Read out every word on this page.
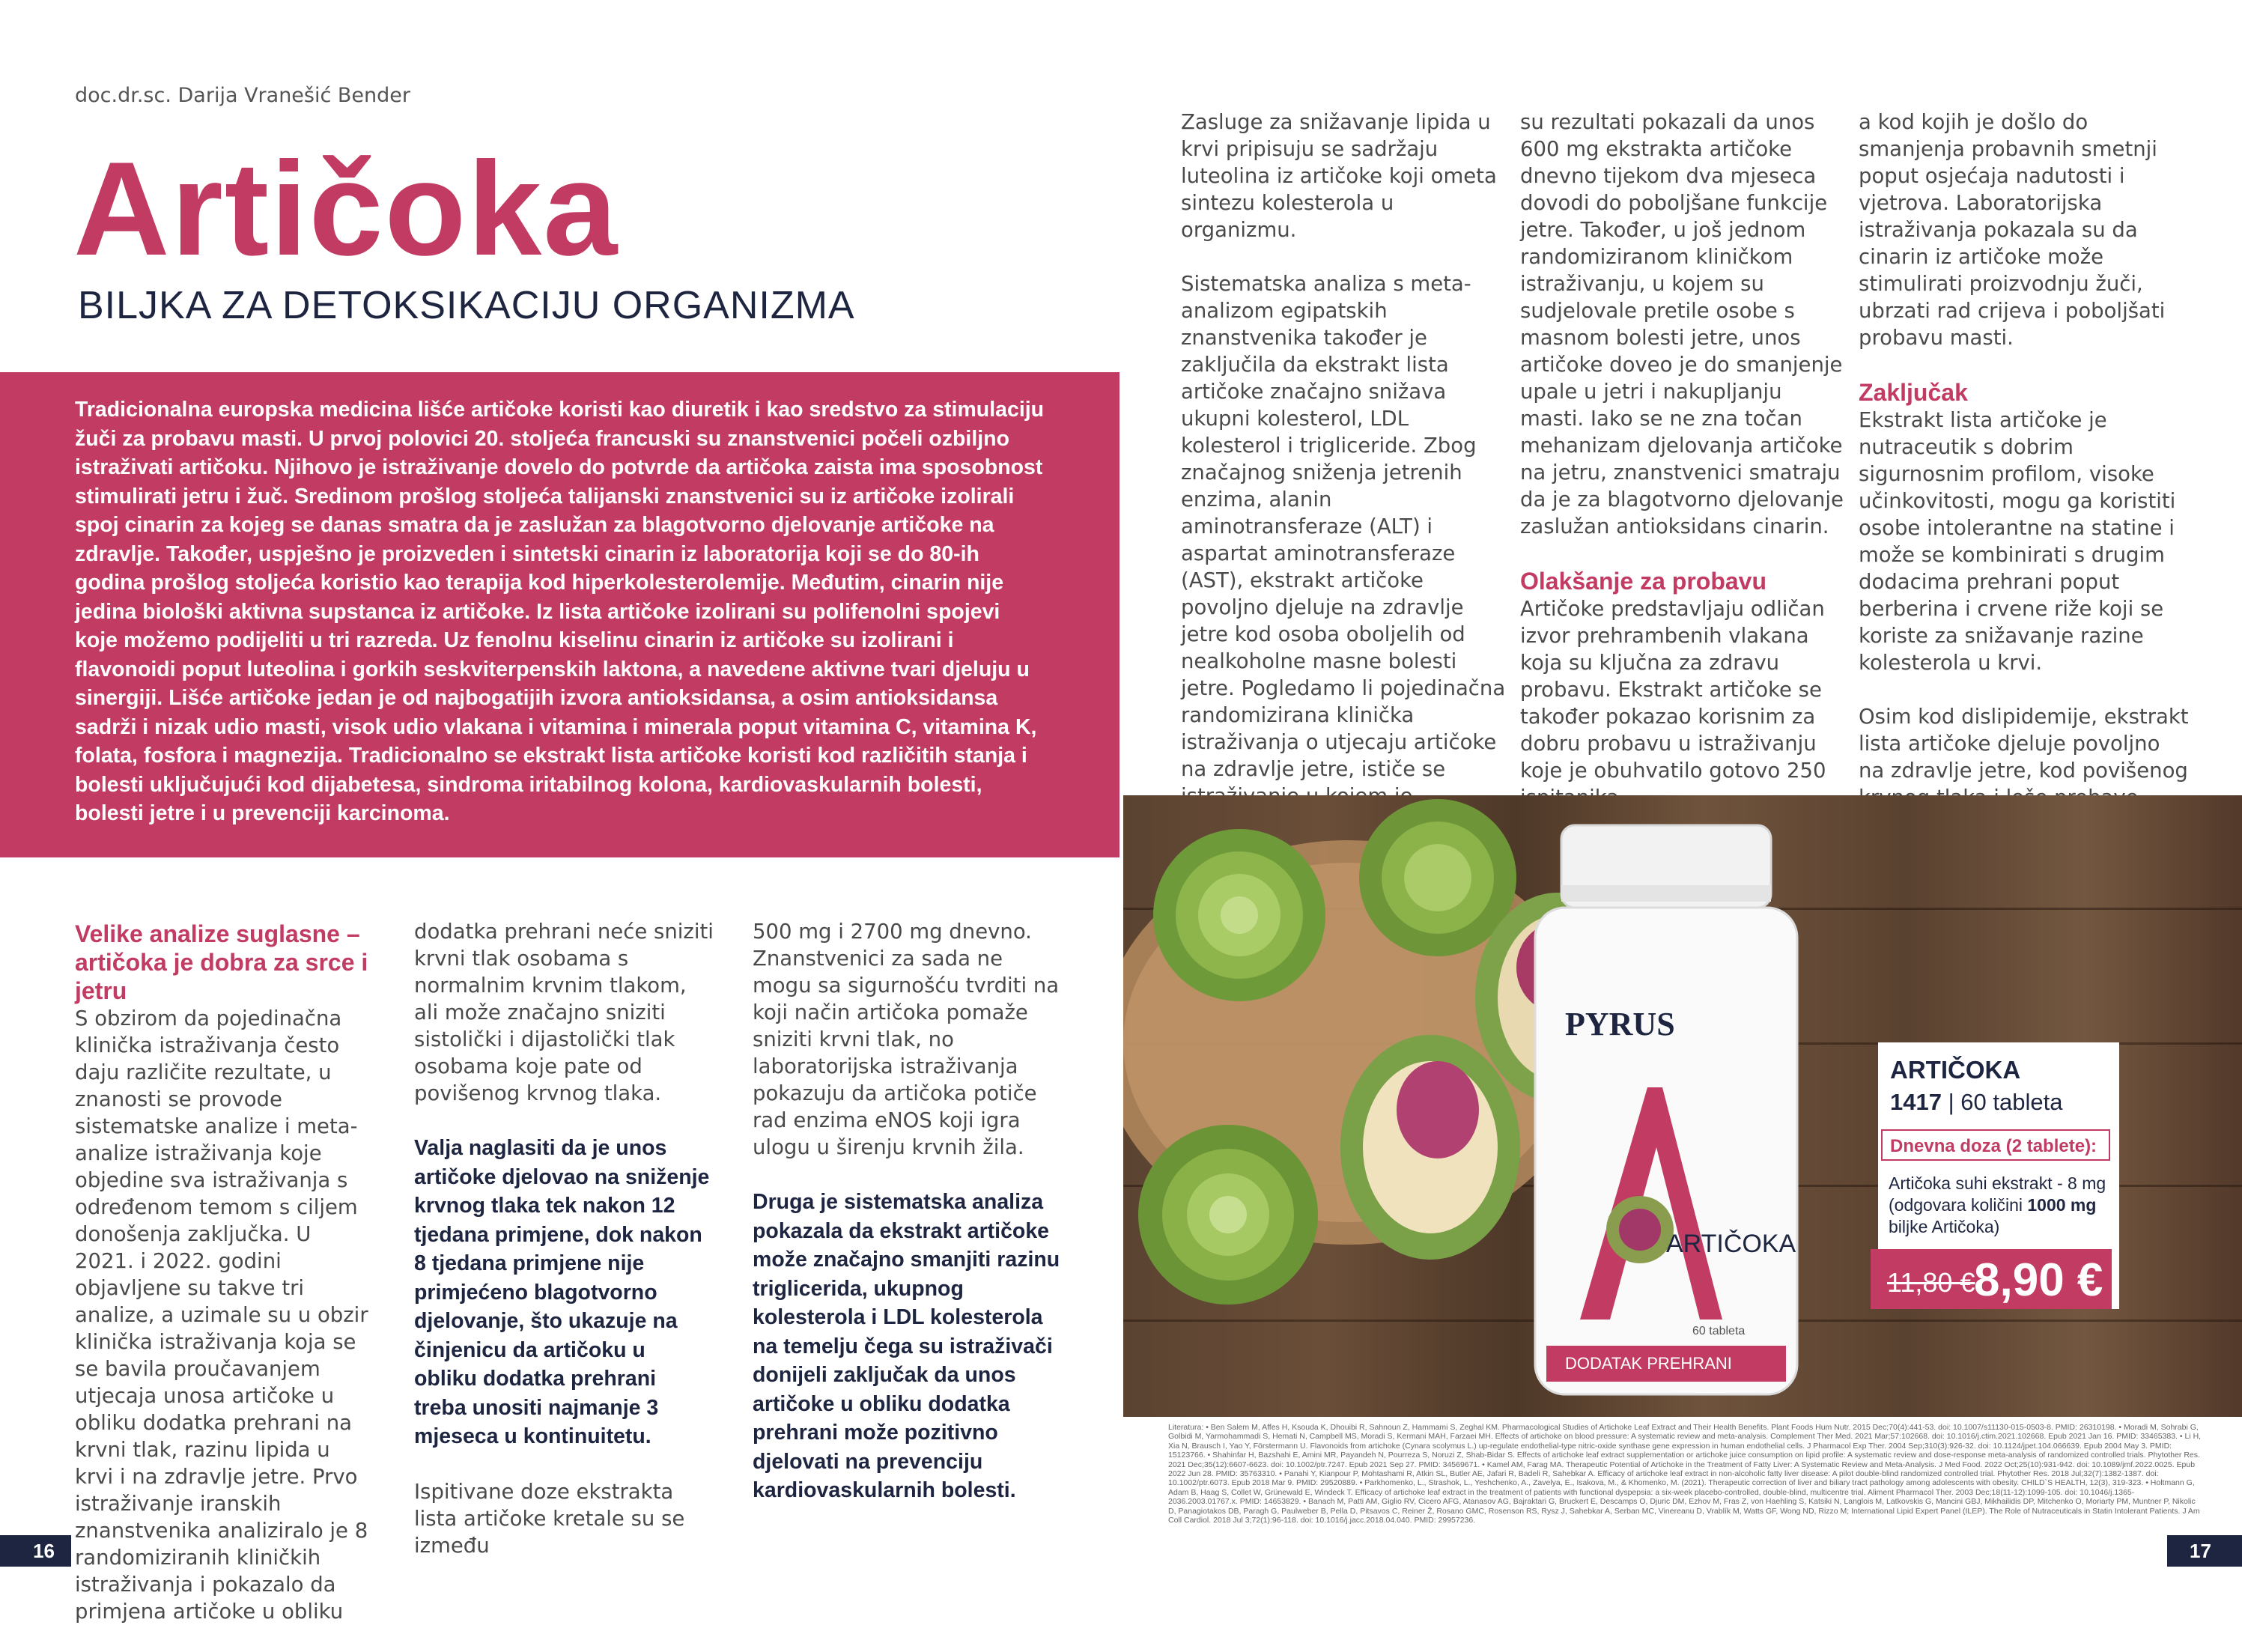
doc.dr.sc. Darija Vranešić Bender
Artičoka
BILJKA ZA DETOKSIKACIJU ORGANIZMA
Tradicionalna europska medicina lišće artičoke koristi kao diuretik i kao sredstvo za stimulaciju žuči za probavu masti. U prvoj polovici 20. stoljeća francuski su znanstvenici počeli ozbiljno istraživati artičoku. Njihovo je istraživanje dovelo do potvrde da artičoka zaista ima sposobnost stimulirati jetru i žuč. Sredinom prošlog stoljeća talijanski znanstvenici su iz artičoke izolirali spoj cinarin za kojeg se danas smatra da je zaslužan za blagotvorno djelovanje artičoke na zdravlje. Također, uspješno je proizveden i sintetski cinarin iz laboratorija koji se do 80-ih godina prošlog stoljeća koristio kao terapija kod hiperkolesterolemije. Međutim, cinarin nije jedina biološki aktivna supstanca iz artičoke. Iz lista artičoke izolirani su polifenolni spojevi koje možemo podijeliti u tri razreda. Uz fenolnu kiselinu cinarin iz artičoke su izolirani i flavonoidi poput luteolina i gorkih seskviterpenskih laktona, a navedene aktivne tvari djeluju u sinergiji. Lišće artičoke jedan je od najbogatijih izvora antioksidansa, a osim antioksidansa sadrži i nizak udio masti, visok udio vlakana i vitamina i minerala poput vitamina C, vitamina K, folata, fosfora i magnezija. Tradicionalno se ekstrakt lista artičoke koristi kod različitih stanja i bolesti uključujući kod dijabetesa, sindroma iritabilnog kolona, kardiovaskularnih bolesti, bolesti jetre i u prevenciji karcinoma.
Velike analize suglasne – artičoka je dobra za srce i jetru

S obzirom da pojedinačna klinička istraživanja često daju različite rezultate, u znanosti se provode sistematske analize i meta-analize istraživanja koje objedine sva istraživanja s određenom temom s ciljem donošenja zaključka. U 2021. i 2022. godini objavljene su takve tri analize, a uzimale su u obzir klinička istraživanja koja se se bavila proučavanjem utjecaja unosa artičoke u obliku dodatka prehrani na krvni tlak, razinu lipida u krvi i na zdravlje jetre. Prvo istraživanje iranskih znanstvenika analiziralo je 8 randomiziranih kliničkih istraživanja i pokazalo da primjena artičoke u obliku

dodatka prehrani neće sniziti krvni tlak osobama s normalnim krvnim tlakom, ali može značajno sniziti sistolički i dijastolički tlak osobama koje pate od povišenog krvnog tlaka.

Valja naglasiti da je unos artičoke djelovao na sniženje krvnog tlaka tek nakon 12 tjedana primjene, dok nakon 8 tjedana primjene nije primjećeno blagotvorno djelovanje, što ukazuje na činjenicu da artičoku u obliku dodatka prehrani treba unositi najmanje 3 mjeseca u kontinuitetu.

Ispitivane doze ekstrakta lista artičoke kretale su se između

500 mg i 2700 mg dnevno. Znanstvenici za sada ne mogu sa sigurnošću tvrditi na koji način artičoka pomaže sniziti krvni tlak, no laboratorijska istraživanja pokazuju da artičoka potiče rad enzima eNOS koji igra ulogu u širenju krvnih žila.

Druga je sistematska analiza pokazala da ekstrakt artičoke može značajno smanjiti razinu triglicerida, ukupnog kolesterola i LDL kolesterola na temelju čega su istraživači donijeli zaključak da unos artičoke u obliku dodatka prehrani može pozitivno djelovati na prevenciju kardiovaskularnih bolesti.

Zasluge za snižavanje lipida u krvi pripisuju se sadržaju luteolina iz artičoke koji ometa sintezu kolesterola u organizmu.

Sistematska analiza s meta-analizom egipatskih znanstvenika također je zaključila da ekstrakt lista artičoke značajno snižava ukupni kolesterol, LDL kolesterol i trigliceride. Zbog značajnog sniženja jetrenih enzima, alanin aminotransferaze (ALT) i aspartat aminotransferaze (AST), ekstrakt artičoke povoljno djeluje na zdravlje jetre kod osoba oboljelih od nealkoholne masne bolesti jetre. Pogledamo li pojedinačna randomizirana klinička istraživanja o utjecaju artičoke na zdravlje jetre, ističe se

su rezultati pokazali da unos 600 mg ekstrakta artičoke dnevno tijekom dva mjeseca dovodi do poboljšane funkcije jetre. Također, u još jednom randomiziranom kliničkom istraživanju, u kojem su sudjelovale pretile osobe s masnom bolesti jetre, unos artičoke doveo je do smanjenje upale u jetri i nakupljanju masti. Iako se ne zna točan mehanizam djelovanja artičoke na jetru, znanstvenici smatraju da je za blagotvorno djelovanje zaslužan antioksidans cinarin.

Olakšanje za probavu

Artičoke predstavljaju odličan izvor prehrambenih vlakana koja su ključna za zdravu probavu. Ekstrakt artičoke se također pokazao korisnim za dobru probavu u istraživanju koje je obuhvatilo gotovo 250

a kod kojih je došlo do smanjenja probavnih smetnji poput osjećaja nadutosti i vjetrova. Laboratorijska istraživanja pokazala su da cinarin iz artičoke može stimulirati proizvodnju žuči, ubrzati rad crijeva i poboljšati probavu masti.

Zaključak

Ekstrakt lista artičoke je nutraceutik s dobrim sigurnosnim profilom, visoke učinkovitosti, mogu ga koristiti osobe intolerantne na statine i može se kombinirati s drugim dodacima prehrani poput berberina i crvene riže koji se koriste za snižavanje razine kolesterola u krvi.

Osim kod dislipidemije, ekstrakt lista artičoke djeluje povoljno na zdravlje jetre, kod povišenog

PYRUS
ARTIČOKA
60 tableta
DODATAK PREHRANI
ARTIČOKA
1417 | 60 tableta
Dnevna doza (2 tablete):
Artičoka suhi ekstrakt - 8 mg
(odgovara količini 1000 mg
bilјke Artičoka)
11,80 €
8,90 €
Literatura: • Ben Salem M, Affes H, Ksouda K, Dhouibi R, Sahnoun Z, Hammami S, Zeghal KM. Pharmacological Studies of Artichoke Leaf Extract and Their Health Benefits. Plant Foods Hum Nutr. 2015 Dec;70(4):441-53. doi: 10.1007/s11130-015-0503-8. PMID: 26310198. • Moradi M, Sohrabi G, Golbidi M, Yarmohammadi S, Hemati N, Campbell MS, Moradi S, Kermani MAH, Farzaei MH. Effects of artichoke on blood pressure: A systematic review and meta-analysis. Complement Ther Med. 2021 Mar;57:102668. doi: 10.1016/j.ctim.2021.102668. Epub 2021 Jan 16. PMID: 33465383. • Li H, Xia N, Brausch I, Yao Y, Förstermann U. Flavonoids from artichoke (Cynara scolymus L.) up-regulate endothelial-type nitric-oxide synthase gene expression in human endothelial cells. J Pharmacol Exp Ther. 2004 Sep;310(3):926-32. doi: 10.1124/jpet.104.066639. Epub 2004 May 3. PMID: 15123766. • Shahinfar H, Bazshahi E, Amini MR, Payandeh N, Pourreza S, Noruzi Z, Shab-Bidar S. Effects of artichoke leaf extract supplementation or artichoke juice consumption on lipid profile: A systematic review and dose-response meta-analysis of randomized controlled trials. Phytother Res. 2021 Dec;35(12):6607-6623. doi: 10.1002/ptr.7247. Epub 2021 Sep 27. PMID: 34569671. • Kamel AM, Farag MA. Therapeutic Potential of Artichoke in the Treatment of Fatty Liver: A Systematic Review and Meta-Analysis. J Med Food. 2022 Oct;25(10):931-942. doi: 10.1089/jmf.2022.0025. Epub 2022 Jun 28. PMID: 35763310. • Panahi Y, Kianpour P, Mohtashami R, Atkin SL, Butler AE, Jafari R, Badeli R, Sahebkar A. Efficacy of artichoke leaf extract in non-alcoholic fatty liver disease: A pilot double-blind randomized controlled trial. Phytother Res. 2018 Jul;32(7):1382-1387. doi: 10.1002/ptr.6073. Epub 2018 Mar 9. PMID: 29520889. • Parkhomenko, L., Strashok, L., Yeshchenko, A., Zavelya, E., Isakova, M., & Khomenko, M. (2021). Therapeutic correction of liver and biliary tract pathology among adolescents with obesity. CHILD`S HEALTH, 12(3), 319-323. • Holtmann G, Adam B, Haag S, Collet W, Grünewald E, Windeck T. Efficacy of artichoke leaf extract in the treatment of patients with functional dyspepsia: a six-week placebo-controlled, double-blind, multicentre trial. Aliment Pharmacol Ther. 2003 Dec;18(11-12):1099-105. doi: 10.1046/j.1365-2036.2003.01767.x. PMID: 14653829. • Banach M, Patti AM, Giglio RV, Cicero AFG, Atanasov AG, Bajraktari G, Bruckert E, Descamps O, Djuric DM, Ezhov M, Fras Z, von Haehling S, Katsiki N, Langlois M, Latkovskis G, Mancini GBJ, Mikhailidis DP, Mitchenko O, Moriarty PM, Muntner P, Nikolic D, Panagiotakos DB, Paragh G, Paulweber B, Pella D, Pitsavos C, Reiner Ž, Rosano GMC, Rosenson RS, Rysz J, Sahebkar A, Serban MC, Vinereanu D, Vrablík M, Watts GF, Wong ND, Rizzo M; International Lipid Expert Panel (ILEP). The Role of Nutraceuticals in Statin Intolerant Patients. J Am Coll Cardiol. 2018 Jul 3;72(1):96-118. doi: 10.1016/j.jacc.2018.04.040. PMID: 29957236.
16	17
